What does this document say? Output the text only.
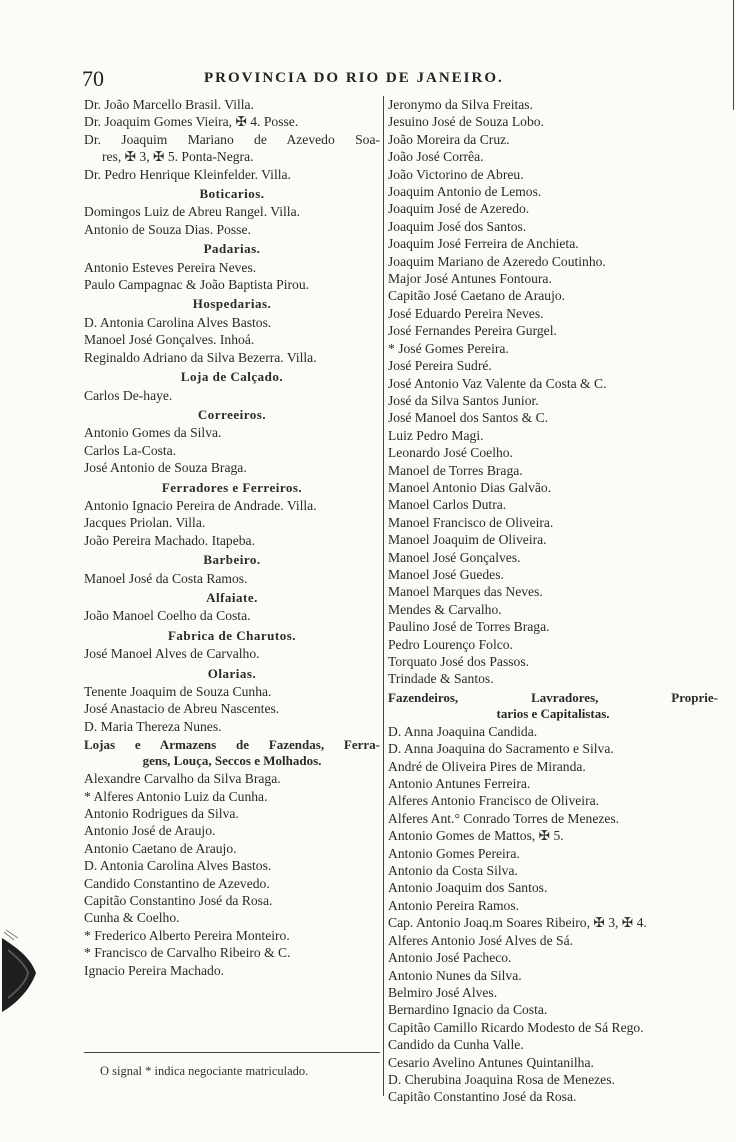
70	PROVINCIA DO RIO DE JANEIRO.
Dr. João Marcello Brasil. Villa.
Dr. Joaquim Gomes Vieira, ✠ 4. Posse.
Dr. Joaquim Mariano de Azevedo Soa-
res, ✠ 3, ✠ 5. Ponta-Negra.
Dr. Pedro Henrique Kleinfelder. Villa.
Boticarios.
Domingos Luiz de Abreu Rangel. Villa.
Antonio de Souza Dias. Posse.
Padarias.
Antonio Esteves Pereira Neves.
Paulo Campagnac & João Baptista Pirou.
Hospedarias.
D. Antonia Carolina Alves Bastos.
Manoel José Gonçalves. Inhoá.
Reginaldo Adriano da Silva Bezerra. Villa.
Loja de Calçado.
Carlos De-haye.
Correeiros.
Antonio Gomes da Silva.
Carlos La-Costa.
José Antonio de Souza Braga.
Ferradores e Ferreiros.
Antonio Ignacio Pereira de Andrade. Villa.
Jacques Priolan. Villa.
João Pereira Machado. Itapeba.
Barbeiro.
Manoel José da Costa Ramos.
Alfaiate.
João Manoel Coelho da Costa.
Fabrica de Charutos.
José Manoel Alves de Carvalho.
Olarias.
Tenente Joaquim de Souza Cunha.
José Anastacio de Abreu Nascentes.
D. Maria Thereza Nunes.
Lojas e Armazens de Fazendas, Ferra-
gens, Louça, Seccos e Molhados.
Alexandre Carvalho da Silva Braga.
* Alferes Antonio Luiz da Cunha.
Antonio Rodrigues da Silva.
Antonio José de Araujo.
Antonio Caetano de Araujo.
D. Antonia Carolina Alves Bastos.
Candido Constantino de Azevedo.
Capitão Constantino José da Rosa.
Cunha & Coelho.
* Frederico Alberto Pereira Monteiro.
* Francisco de Carvalho Ribeiro & C.
Ignacio Pereira Machado.
Jeronymo da Silva Freitas.
Jesuino José de Souza Lobo.
João Moreira da Cruz.
João José Corrêa.
João Victorino de Abreu.
Joaquim Antonio de Lemos.
Joaquim José de Azeredo.
Joaquim José dos Santos.
Joaquim José Ferreira de Anchieta.
Joaquim Mariano de Azeredo Coutinho.
Major José Antunes Fontoura.
Capitão José Caetano de Araujo.
José Eduardo Pereira Neves.
José Fernandes Pereira Gurgel.
* José Gomes Pereira.
José Pereira Sudré.
José Antonio Vaz Valente da Costa & C.
José da Silva Santos Junior.
José Manoel dos Santos & C.
Luiz Pedro Magi.
Leonardo José Coelho.
Manoel de Torres Braga.
Manoel Antonio Dias Galvão.
Manoel Carlos Dutra.
Manoel Francisco de Oliveira.
Manoel Joaquim de Oliveira.
Manoel José Gonçalves.
Manoel José Guedes.
Manoel Marques das Neves.
Mendes & Carvalho.
Paulino José de Torres Braga.
Pedro Lourenço Folco.
Torquato José dos Passos.
Trindade & Santos.
Fazendeiros, Lavradores, Proprie-
tarios e Capitalistas.
D. Anna Joaquina Candida.
D. Anna Joaquina do Sacramento e Silva.
André de Oliveira Pires de Miranda.
Antonio Antunes Ferreira.
Alferes Antonio Francisco de Oliveira.
Alferes Ant.° Conrado Torres de Menezes.
Antonio Gomes de Mattos, ✠ 5.
Antonio Gomes Pereira.
Antonio da Costa Silva.
Antonio Joaquim dos Santos.
Antonio Pereira Ramos.
Cap. Antonio Joaq.m Soares Ribeiro, ✠ 3, ✠ 4.
Alferes Antonio José Alves de Sá.
Antonio José Pacheco.
Antonio Nunes da Silva.
Belmiro José Alves.
Bernardino Ignacio da Costa.
Capitão Camillo Ricardo Modesto de Sá Rego.
Candido da Cunha Valle.
Cesario Avelino Antunes Quintanilha.
D. Cherubina Joaquina Rosa de Menezes.
Capitão Constantino José da Rosa.
O signal * indica negociante matriculado.
